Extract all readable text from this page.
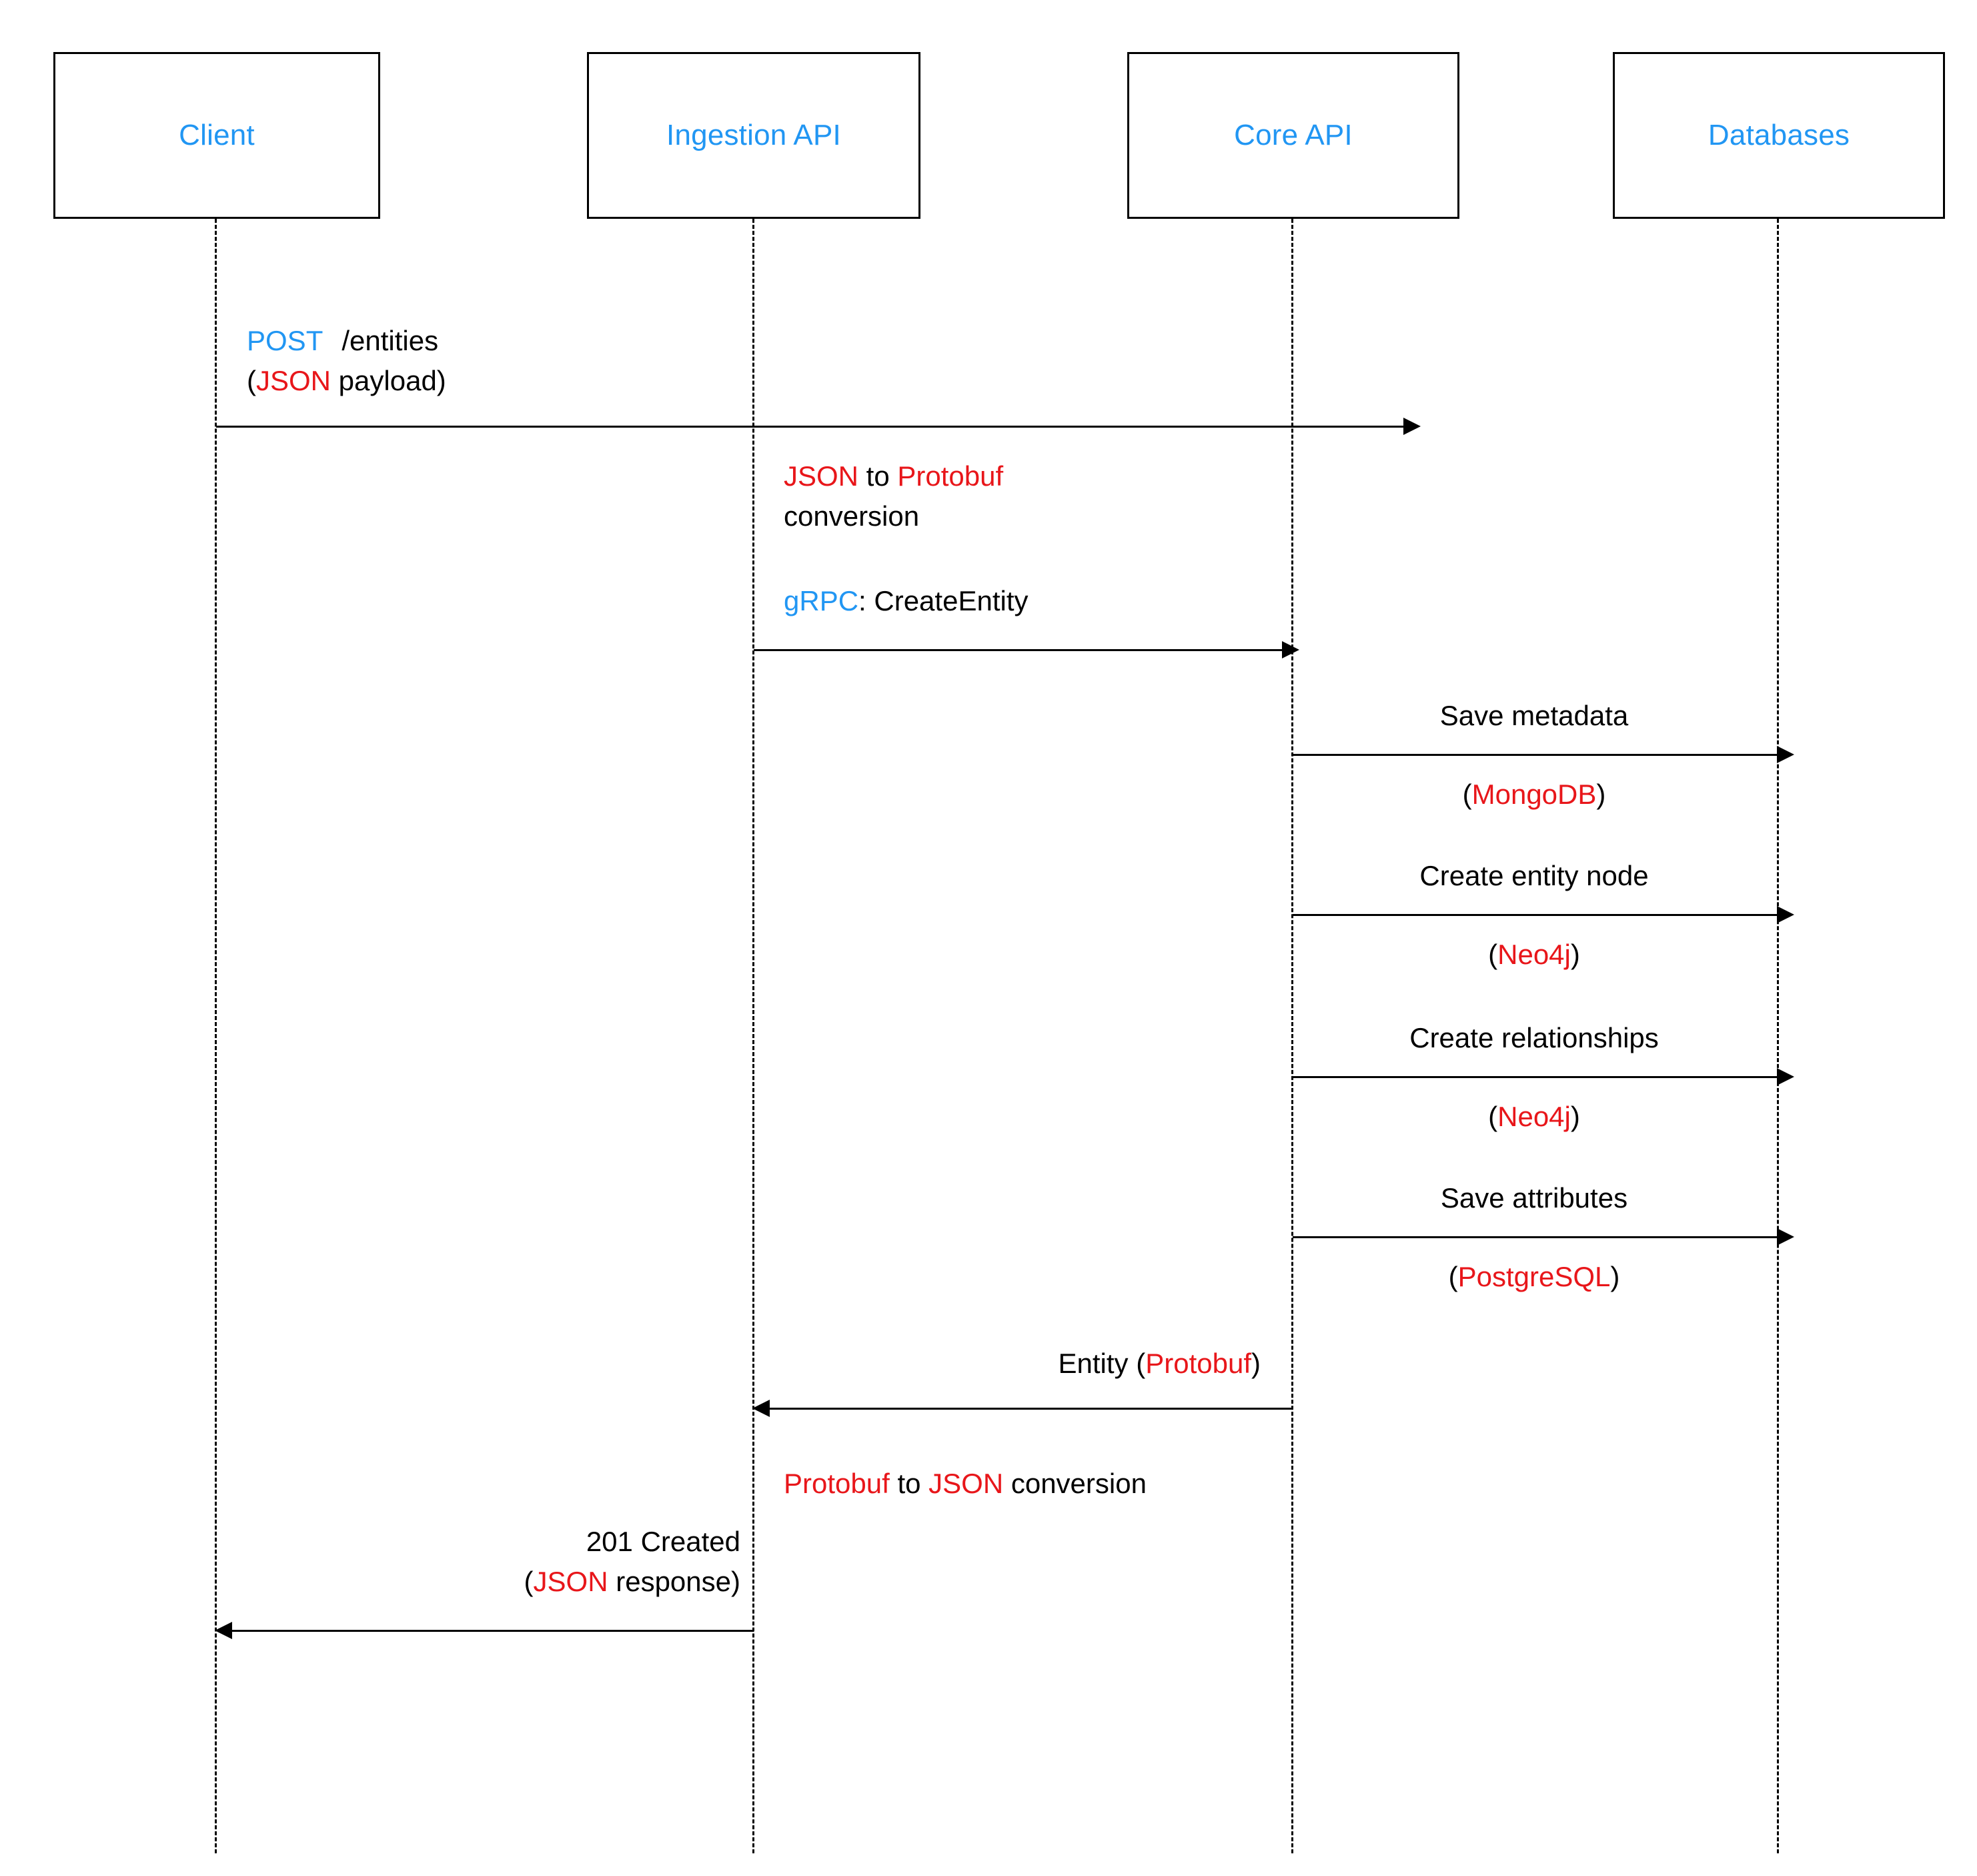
Client	Ingestion API	Core API	Databases
POST /entities
(JSON payload)
JSON to Protobuf
conversion
gRPC: CreateEntity
Save metadata
(MongoDB)
Create entity node
(Neo4j)
Create relationships
(Neo4j)
Save attributes
(PostgreSQL)
Entity (Protobuf)
Protobuf to JSON conversion
201 Created
(JSON response)
